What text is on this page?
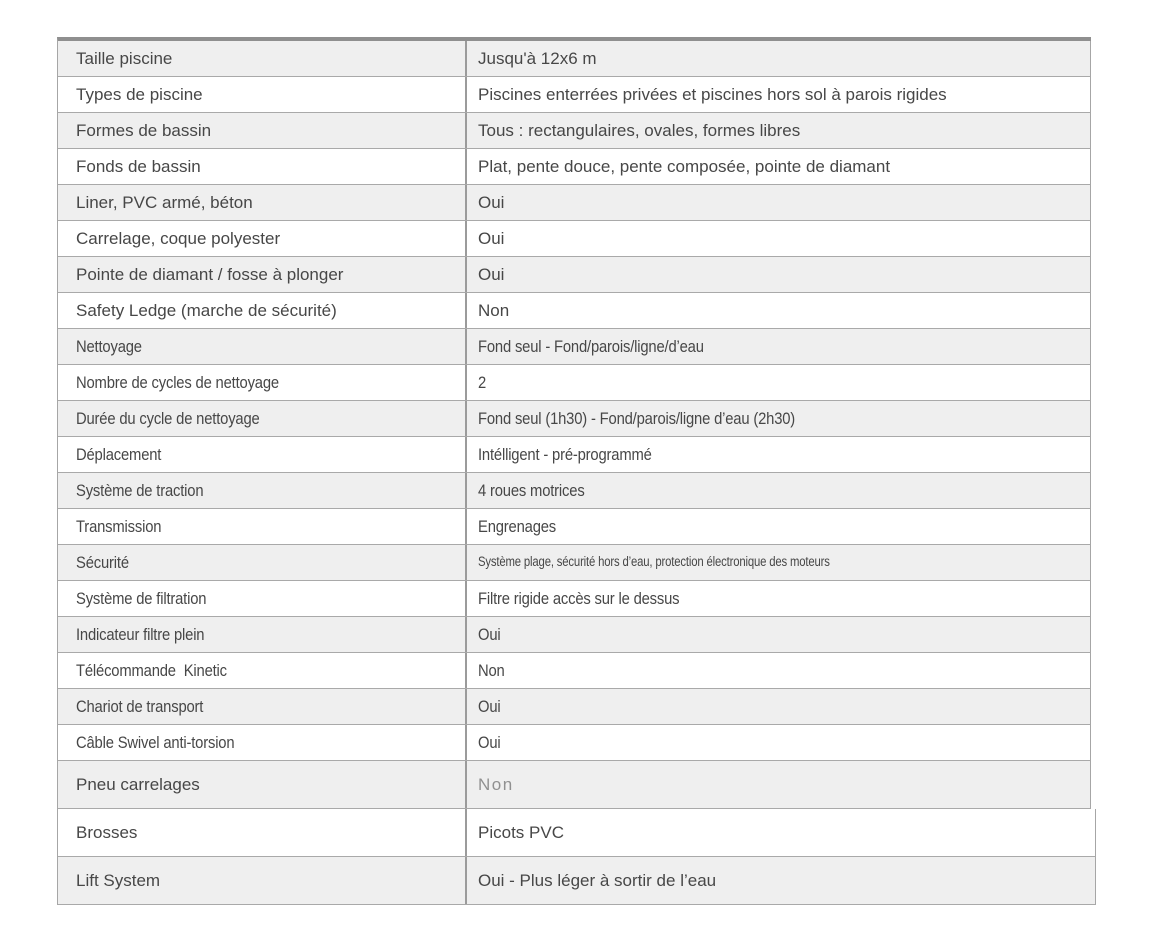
Taille piscine	Jusqu'à 12x6 m
Types de piscine	Piscines enterrées privées et piscines hors sol à parois rigides
Formes de bassin	Tous : rectangulaires, ovales, formes libres
Fonds de bassin	Plat, pente douce, pente composée, pointe de diamant
Liner, PVC armé, béton	Oui
Carrelage, coque polyester	Oui
Pointe de diamant / fosse à plonger	Oui
Safety Ledge (marche de sécurité)	Non
Nettoyage	Fond seul - Fond/parois/ligne/d’eau
Nombre de cycles de nettoyage	2
Durée du cycle de nettoyage	Fond seul (1h30) - Fond/parois/ligne d’eau (2h30)
Déplacement	Intélligent - pré-programmé
Système de traction	4 roues motrices
Transmission	Engrenages
Sécurité	Système plage, sécurité hors d’eau, protection électronique des moteurs
Système de filtration	Filtre rigide accès sur le dessus
Indicateur filtre plein	Oui
Télécommande  Kinetic	Non
Chariot de transport	Oui
Câble Swivel anti-torsion	Oui
Pneu carrelages	Non
Brosses	Picots PVC
Lift System	Oui - Plus léger à sortir de l’eau
